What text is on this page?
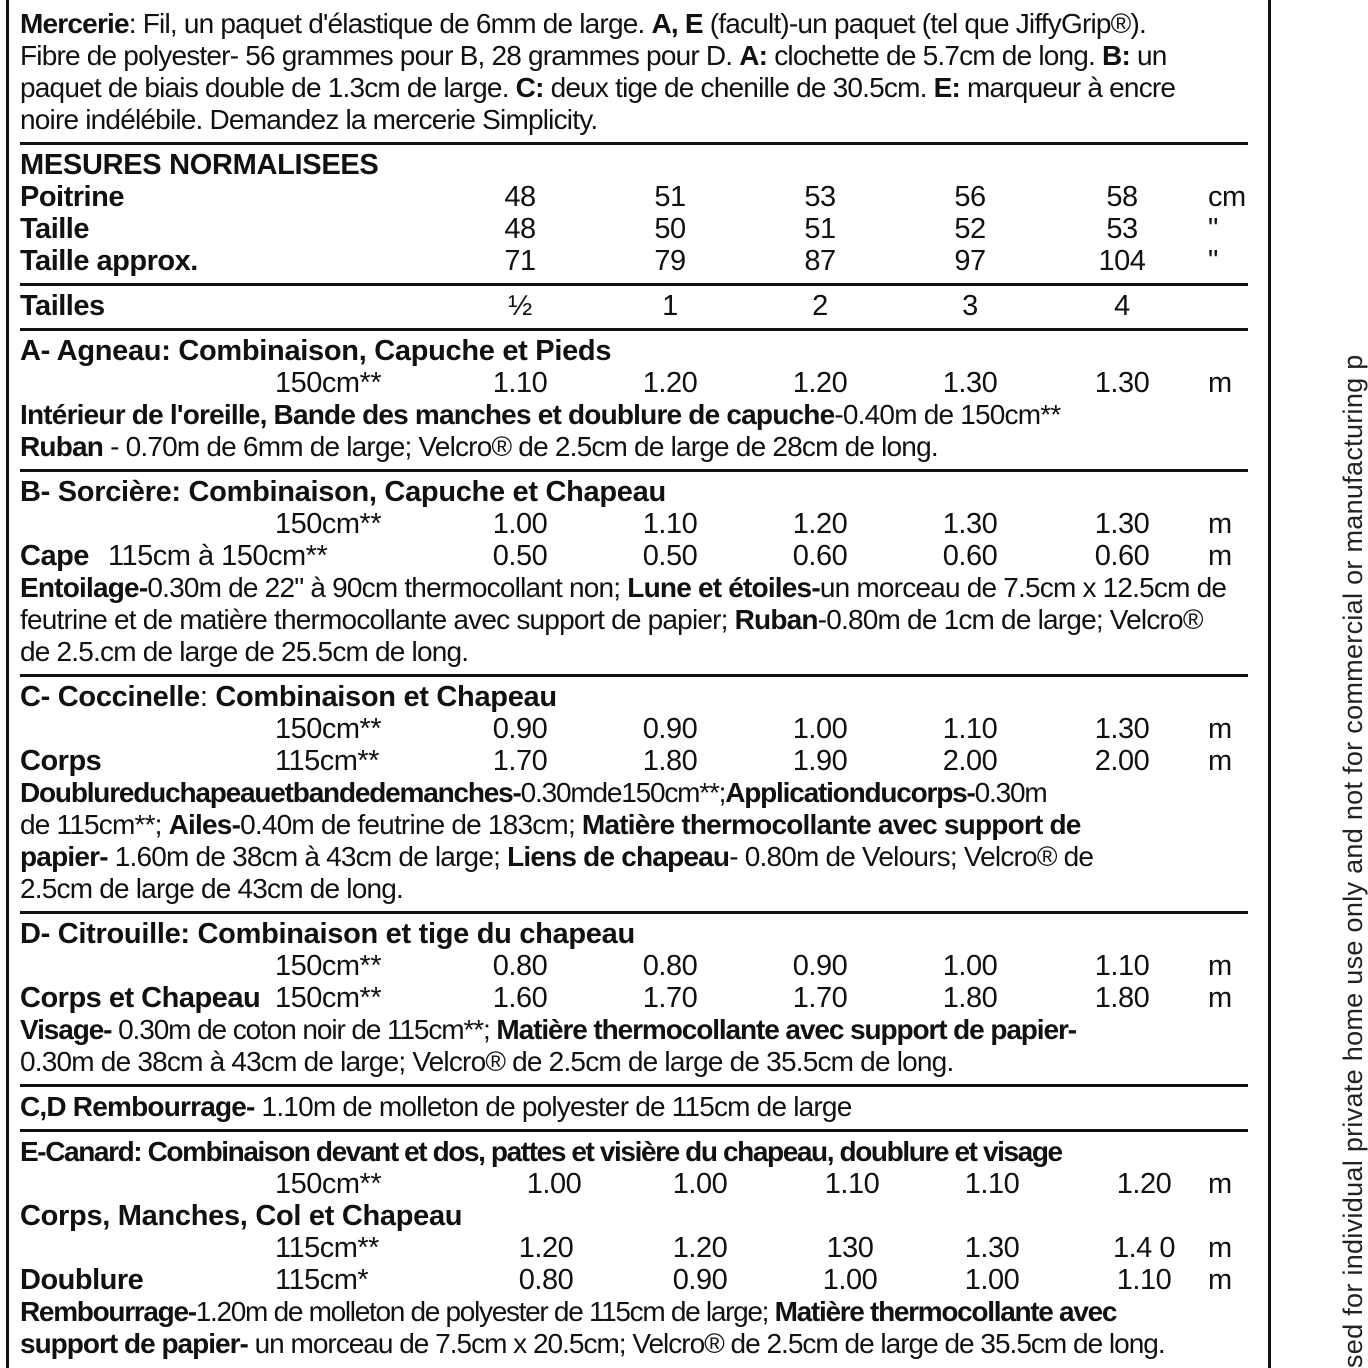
Mercerie: Fil, un paquet d'élastique de 6mm de large. A, E (facult)-un paquet (tel que JiffyGrip®).
Fibre de polyester- 56 grammes pour B, 28 grammes pour D. A: clochette de 5.7cm de long. B: un
paquet de biais double de 1.3cm de large. C: deux tige de chenille de 30.5cm. E: marqueur à encre
noire indélébile. Demandez la mercerie Simplicity.
MESURES NORMALISEES
Poitrine	48	51	53	56	58	cm
Taille	48	50	51	52	53	"
Taille approx.	71	79	87	97	104	"
Tailles	½	1	2	3	4
A- Agneau: Combinaison, Capuche et Pieds
150cm**	1.10	1.20	1.20	1.30	1.30	m
Intérieur de l'oreille, Bande des manches et doublure de capuche-0.40m de 150cm**
Ruban - 0.70m de 6mm de large; Velcro® de 2.5cm de large de 28cm de long.
B- Sorcière: Combinaison, Capuche et Chapeau
150cm**	1.00	1.10	1.20	1.30	1.30	m
Cape 115cm à 150cm**	0.50	0.50	0.60	0.60	0.60	m
Entoilage-0.30m de 22" à 90cm thermocollant non; Lune et étoiles-un morceau de 7.5cm x 12.5cm de
feutrine et de matière thermocollante avec support de papier; Ruban-0.80m de 1cm de large; Velcro®
de 2.5.cm de large de 25.5cm de long.
C- Coccinelle: Combinaison et Chapeau
150cm**	0.90	0.90	1.00	1.10	1.30	m
Corps	115cm**	1.70	1.80	1.90	2.00	2.00	m
Doublureduchapeauetbandedemanches-0.30mde150cm**;Applicationducorps-0.30m
de 115cm**; Ailes-0.40m de feutrine de 183cm; Matière thermocollante avec support de
papier- 1.60m de 38cm à 43cm de large; Liens de chapeau- 0.80m de Velours; Velcro® de
2.5cm de large de 43cm de long.
D- Citrouille: Combinaison et tige du chapeau
150cm**	0.80	0.80	0.90	1.00	1.10	m
Corps et Chapeau 150cm**	1.60	1.70	1.70	1.80	1.80	m
Visage- 0.30m de coton noir de 115cm**; Matière thermocollante avec support de papier-
0.30m de 38cm à 43cm de large; Velcro® de 2.5cm de large de 35.5cm de long.
C,D Rembourrage- 1.10m de molleton de polyester de 115cm de large
E-Canard: Combinaison devant et dos, pattes et visière du chapeau, doublure et visage
150cm**	1.00	1.00	1.10	1.10	1.20	m
Corps, Manches, Col et Chapeau
115cm**	1.20	1.20	130	1.30	1.4 0	m
Doublure	115cm*	0.80	0.90	1.00	1.00	1.10	m
Rembourrage-1.20m de molleton de polyester de 115cm de large; Matière thermocollante avec
support de papier- un morceau de 7.5cm x 20.5cm; Velcro® de 2.5cm de large de 35.5cm de long.	sed for individual private home use only and not for commercial or manufacturing p
